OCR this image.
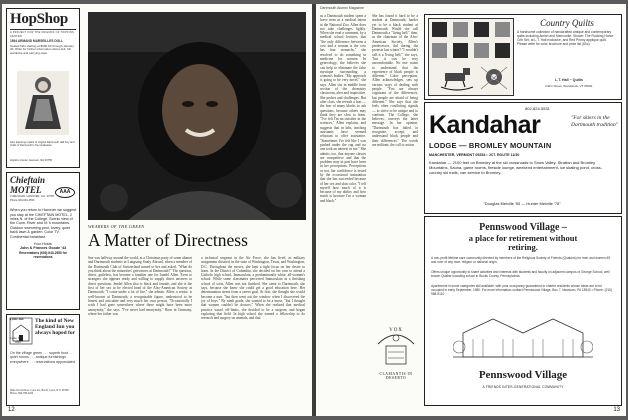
HopShop
A PROJECT FOR THE FRIENDS OF HOPKINS CENTER
1894 ARMAND MARSEILLES DOLL
Sealed bids starting at $600.00 through January 30. Write for further information about doll, full wardrobe and carrying case.
Also featuring replica of original Dartmouth Hall Key and crafts of Dartmouth's fine Graduates.
Hopkins Center, Hanover, NH 03755
Chieftain MOTEL
LYME ROAD, HANOVER, N.H. 03755
Phone 603-643-2550
AAA
When you return to Hanover we suggest you stay at the CHIEFTAIN MOTEL, 2 miles N. of the College. Scenic view of the Conn. River and Vt.'s mountains. Outdoor swimming pool, lovely, quiet back lawn & garden. Color TV. Continental breakfast.
Your Hosts:
John & Frances Goode '43
Reservations (603) 643-2550 for reservations
Lyme Inn
Lyme, N.H.
1809
The kind of New England Inn you always hoped for
On the village green . . . superb food . . . quiet rooms . . . antique furnishings everywhere . . . reservations appreciated
Write for brochure: Lyme Inn, Box D, Lyme, N.H. 03768 · Phone: 603-795-2222
WEARERS OF THE GREEN
A Matter of Directness
Sue was halfway around the world, at a Christmas party of some alumni and Dartmouth students in Lungsang Study Abroad, when a member of the Dartmouth Club of Switzerland turned to her and asked, "What do you think about the minorities' grievances at Dartmouth?" The question, direct, guileless, has become a familiar one for Jandel Allen. Even to strangers she appears ready and willing to supply direct answers to direct questions. Jendel Allen also is black and female, and she is the first of her sex to be elected head of the Afro-American Society at Dartmouth. "I come under a lot of fire," she admits. Allen, a senior, is well-known at Dartmouth, a recognizable figure, understood to be honest and articulate and very much her own person. "Occasionally I wish I had gone somewhere where there might have been more anonymity," she says. "I've never had anonymity." Born in Germany, where her father was
a technical sergeant in the Air Force, she has lived, as military assignment dictated, in the state of Washington, Texas, and Washington, D.C. Throughout the moves, she kept a tight focus on her desire to learn. In the District of Columbia, she decided on her own to attend a Catholic high school, Immaculata, a predominantly white, all-woman's school. While some classmates perceived Immaculata as a finishing school of sorts, Allen was not finished. She came to Dartmouth, she says, because she knew she could get a good education here. Her determination stems from a career goal. At first, she thought she would become a nun. "but then went out the window when I discovered the joy of boys." By ninth grade, she wanted to be a nurse, "but I thought that women couldn't be doctors." When she realized that medical practice wasn't off-limits, she decided to be a surgeon, and began exploring that field. In high school she earned a fellowship to do research and surgery on animals, and that
12
Dartmouth Alumni Magazine
as a Dartmouth student spent a leave term as a medical intern at the National Zoo. Allen does not take challenges lightly. When she read a comment, by a medical school lecturer, that "the only difference between a cow and a woman is the cow has four stomachs," she resolved to do something in medicine for women. In gynecology, she believes she can help to eliminate the false mystique surrounding a woman's bodies. "My approach is going to be very novel," she says. Allen sits in middle front section of the chemistry classroom, alert and inquisitive. She probes and challenges. But after class, she reveals a fear — the fear of many blacks to ask questions, because others may think they are slow to learn. "I've felt I'm an outsider in the sciences," Allen explains, and suggests that in labs, teaching assistants have seemed reluctant to offer assistance. "Sometimes I've felt like I was pushed under the rug and no one took an interest in me." She admits, too, that anyone classes are competitive and that the problem may in part have been in her perceptions. Perceptions or not, her confidence is tested by the occasional insinuation that she has succeeded because of her sex and skin color. "I tell myself how much of it is because of my ability and how much is because I'm a woman and black."
She has found it hard to be a student at Dartmouth, harder yet to be a black student at Dartmouth. Would she call Dartmouth a "living hell," then, as the chairman of the Afro-American Society, Allen's predecessor, did during the protests last winter? "I wouldn't call it a 'living hell,'" she says, "but it can be very uncomfortable. No one wants to understand that the experience of black people is different." Color perception, Allen acknowledges, sets up various ways of dealing with people. "You are always cognizant of the differences, but people are afraid of being different." She says that she feels often conflicting signals — to strive to be unique and to conform. The College, she believes, conveys the latter message. In her opinion, "Dartmouth has failed to recognize, accept, and understand black people and their differences." The words are militant, the call to action
VOX
CLAMANTIS IN DESERTO
Country Quilts
A handsome collection of handcrafted antique and contemporary quilts including Amish and Mennonite. Shown: The Rocking Horse Crib Set, at L.T. Hall exclusive, and Red Peony applique quilt. Please write for color brochure and price list (60c).
L.T. Hall ~ Quilts
2 Elm Street, Woodstock, VT 05091
802-824-5531
Kandahar
LODGE — BROMLEY MOUNTAIN
"For skiers in the Dartmouth tradition"
MANCHESTER, VERMONT 05254 • JCT. ROUTE 11/30
Kandahar — 2100 feet on Bromley at the ski crossroads to Snow Valley, Stratton and Bromley Mountains, Sauna, game rooms, fireside lounge, weekend entertainment, ice skating pond, cross-country ski trails, van service to Bromley.
"Douglas Melville '55 — Hunter Melville '78"
Pennswood Village –
a place for retirement without retiring.
A non-profit lifetime care community directed by members of the Religious Society of Friends (Quakers) for men and women 65 and over of any race, religion or national origin.
Offers unique opportunity to share activities and interests with students and faculty on adjacent campus of George School, well known Quaker boarding school in Bucks County, Pennsylvania.
Apartments in some categories still available, with prior occupancy guaranteed to charter residents whose ideas are to be occupied in early September, 1980. For more information contact Pennswood Village, Box 7, Newtown, PA 18940 • Phone: (215) 968-9110
Pennswood Village
A FRIENDS INTER-GENERATIONAL COMMUNITY
13
